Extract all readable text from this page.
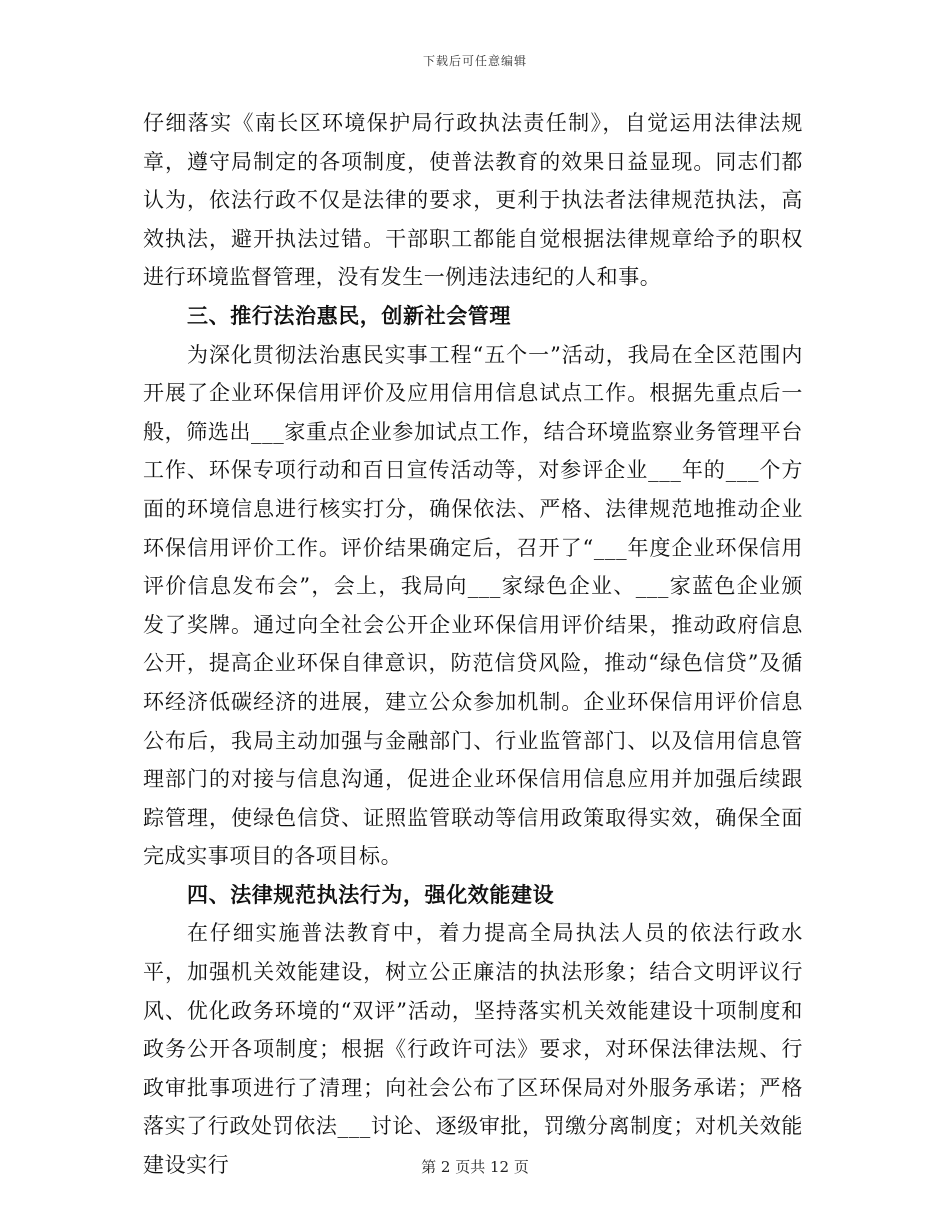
下载后可任意编辑

仔细落实《南长区环境保护局行政执法责任制》，自觉运用法律法规章，遵守局制定的各项制度，使普法教育的效果日益显现。同志们都认为，依法行政不仅是法律的要求，更利于执法者法律规范执法，高效执法，避开执法过错。干部职工都能自觉根据法律规章给予的职权进行环境监督管理，没有发生一例违法违纪的人和事。

三、推行法治惠民，创新社会管理

为深化贯彻法治惠民实事工程“五个一”活动，我局在全区范围内开展了企业环保信用评价及应用信用信息试点工作。根据先重点后一般，筛选出___家重点企业参加试点工作，结合环境监察业务管理平台工作、环保专项行动和百日宣传活动等，对参评企业___年的___个方面的环境信息进行核实打分，确保依法、严格、法律规范地推动企业环保信用评价工作。评价结果确定后，召开了“___年度企业环保信用评价信息发布会”，会上，我局向___家绿色企业、___家蓝色企业颁发了奖牌。通过向全社会公开企业环保信用评价结果，推动政府信息公开，提高企业环保自律意识，防范信贷风险，推动“绿色信贷”及循环经济低碳经济的进展，建立公众参加机制。企业环保信用评价信息公布后，我局主动加强与金融部门、行业监管部门、以及信用信息管理部门的对接与信息沟通，促进企业环保信用信息应用并加强后续跟踪管理，使绿色信贷、证照监管联动等信用政策取得实效，确保全面完成实事项目的各项目标。

四、法律规范执法行为，强化效能建设

在仔细实施普法教育中，着力提高全局执法人员的依法行政水平，加强机关效能建设，树立公正廉洁的执法形象；结合文明评议行风、优化政务环境的“双评”活动，坚持落实机关效能建设十项制度和政务公开各项制度；根据《行政许可法》要求，对环保法律法规、行政审批事项进行了清理；向社会公布了区环保局对外服务承诺；严格落实了行政处罚依法___讨论、逐级审批，罚缴分离制度；对机关效能建设实行	第 2 页共 12 页
